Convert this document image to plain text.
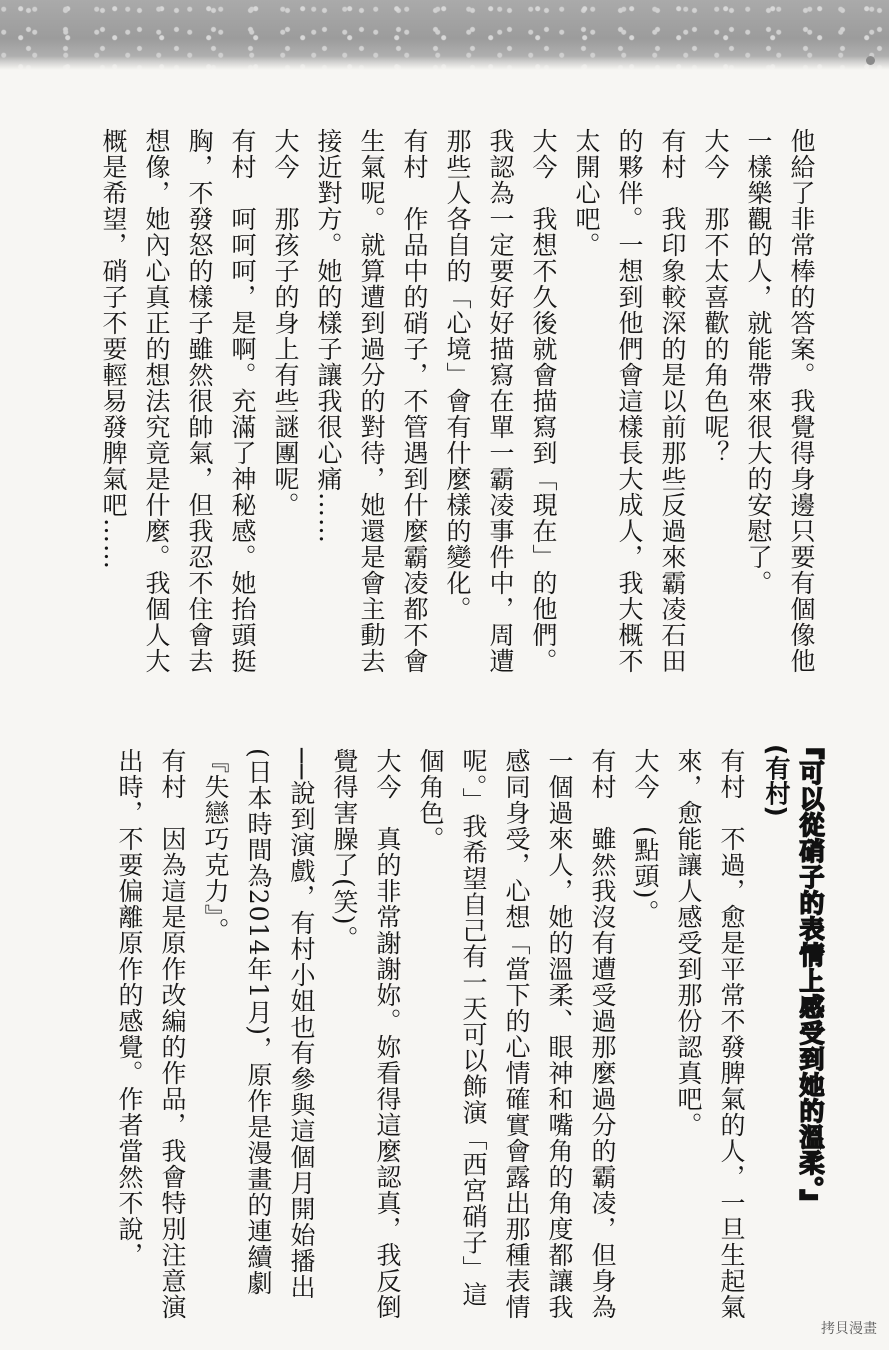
他給了非常棒的答案。我覺得身邊只要有個像他一樣樂觀的人，就能帶來很大的安慰了。

大今　那不太喜歡的角色呢？

有村　我印象較深的是以前那些反過來霸凌石田的夥伴。一想到他們會這樣長大成人，我大概不太開心吧。

大今　我想不久後就會描寫到「現在」的他們。我認為一定要好好描寫在單一霸凌事件中，周遭那些人各自的「心境」會有什麼樣的變化。

有村　作品中的硝子，不管遇到什麼霸凌都不會生氣呢。就算遭到過分的對待，她還是會主動去接近對方。她的樣子讓我很心痛……

大今　那孩子的身上有些謎團呢。

有村　呵呵呵，是啊。充滿了神秘感。她抬頭挺胸，不發怒的樣子雖然很帥氣，但我忍不住會去想像，她內心真正的想法究竟是什麼。我個人大概是希望，硝子不要輕易發脾氣吧……

『可以從硝子的表情上感受到她的溫柔。』

(有村)

有村　不過，愈是平常不發脾氣的人，一旦生起氣來，愈能讓人感受到那份認真吧。

大今　(點頭)。

有村　雖然我沒有遭受過那麼過分的霸凌，但身為一個過來人，她的溫柔、眼神和嘴角的角度都讓我感同身受，心想「當下的心情確實會露出那種表情呢。」我希望自己有一天可以飾演「西宮硝子」這個角色。

大今　真的非常謝謝妳。妳看得這麼認真，我反倒覺得害臊了(笑)。

──說到演戲，有村小姐也有參與這個月開始播出(日本時間為2014年1月)，原作是漫畫的連續劇『失戀巧克力』。

有村　因為這是原作改編的作品，我會特別注意演出時，不要偏離原作的感覺。作者當然不說，

拷貝漫畫
